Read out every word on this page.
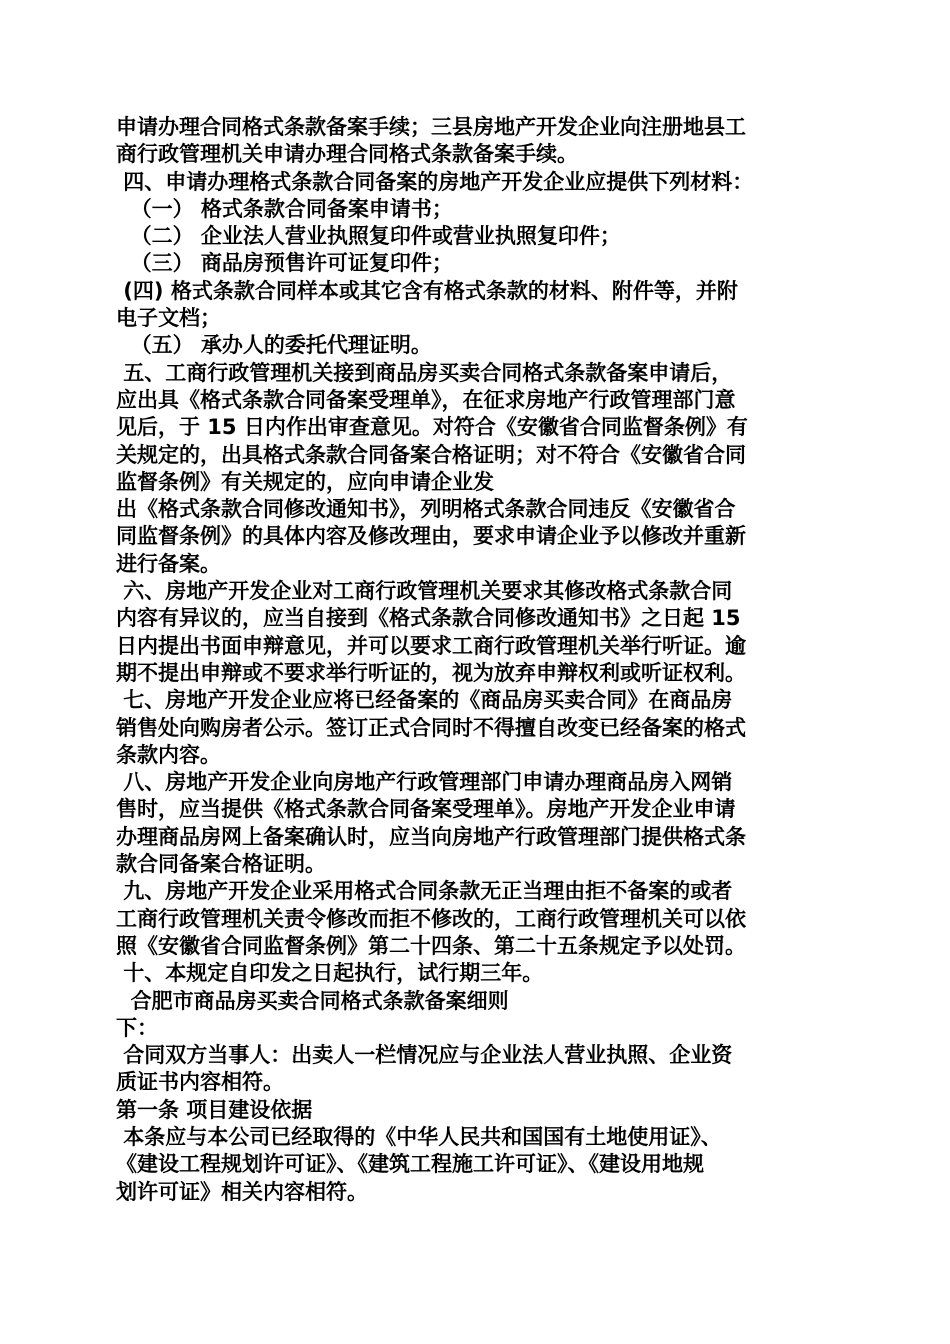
申请办理合同格式条款备案手续；三县房地产开发企业向注册地县工
商行政管理机关申请办理合同格式条款备案手续。
四、申请办理格式条款合同备案的房地产开发企业应提供下列材料：
（一） 格式条款合同备案申请书；
（二） 企业法人营业执照复印件或营业执照复印件；
（三） 商品房预售许可证复印件；
(四) 格式条款合同样本或其它含有格式条款的材料、附件等，并附
电子文档；
（五） 承办人的委托代理证明。
五、工商行政管理机关接到商品房买卖合同格式条款备案申请后，
应出具《格式条款合同备案受理单》，在征求房地产行政管理部门意
见后，于 15 日内作出审查意见。对符合《安徽省合同监督条例》有
关规定的，出具格式条款合同备案合格证明；对不符合《安徽省合同
监督条例》有关规定的，应向申请企业发
出《格式条款合同修改通知书》，列明格式条款合同违反《安徽省合
同监督条例》的具体内容及修改理由，要求申请企业予以修改并重新
进行备案。
六、房地产开发企业对工商行政管理机关要求其修改格式条款合同
内容有异议的，应当自接到《格式条款合同修改通知书》之日起 15
日内提出书面申辩意见，并可以要求工商行政管理机关举行听证。逾
期不提出申辩或不要求举行听证的，视为放弃申辩权利或听证权利。
七、房地产开发企业应将已经备案的《商品房买卖合同》在商品房
销售处向购房者公示。签订正式合同时不得擅自改变已经备案的格式
条款内容。
八、房地产开发企业向房地产行政管理部门申请办理商品房入网销
售时，应当提供《格式条款合同备案受理单》。房地产开发企业申请
办理商品房网上备案确认时，应当向房地产行政管理部门提供格式条
款合同备案合格证明。
九、房地产开发企业采用格式合同条款无正当理由拒不备案的或者
工商行政管理机关责令修改而拒不修改的，工商行政管理机关可以依
照《安徽省合同监督条例》第二十四条、第二十五条规定予以处罚。
十、本规定自印发之日起执行，试行期三年。
合肥市商品房买卖合同格式条款备案细则
下：
合同双方当事人：出卖人一栏情况应与企业法人营业执照、企业资
质证书内容相符。
第一条 项目建设依据
本条应与本公司已经取得的《中华人民共和国国有土地使用证》、
《建设工程规划许可证》、《建筑工程施工许可证》、《建设用地规
划许可证》相关内容相符。
